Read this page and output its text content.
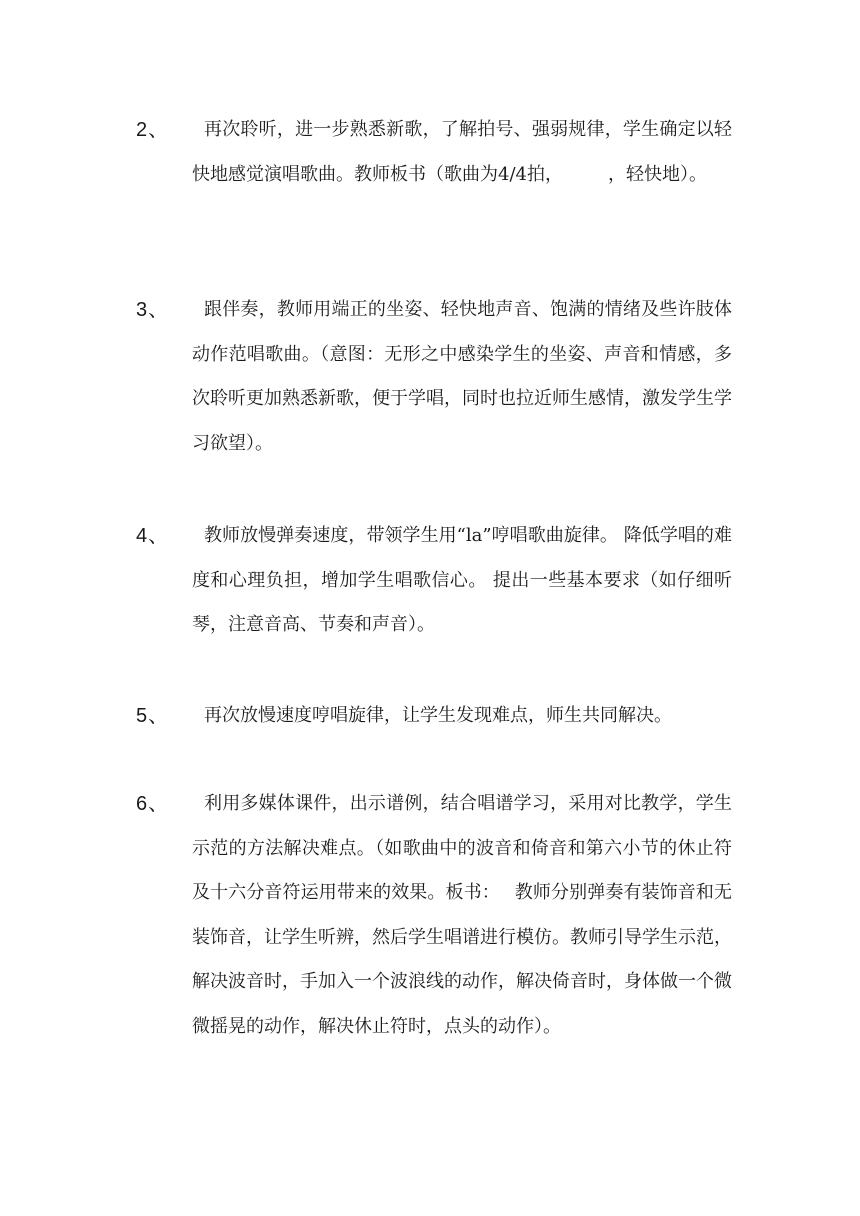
2、	再次聆听，进一步熟悉新歌，了解拍号、强弱规律，学生确定以轻快地感觉演唱歌曲。教师板书（歌曲为4/4拍，　　　，轻快地）。

3、	跟伴奏，教师用端正的坐姿、轻快地声音、饱满的情绪及些许肢体动作范唱歌曲。（意图：无形之中感染学生的坐姿、声音和情感，多次聆听更加熟悉新歌，便于学唱，同时也拉近师生感情，激发学生学习欲望）。

4、	教师放慢弹奏速度，带领学生用“la”哼唱歌曲旋律。 降低学唱的难度和心理负担，增加学生唱歌信心。 提出一些基本要求（如仔细听琴，注意音高、节奏和声音）。

5、	再次放慢速度哼唱旋律，让学生发现难点，师生共同解决。

6、	利用多媒体课件，出示谱例，结合唱谱学习，采用对比教学，学生示范的方法解决难点。（如歌曲中的波音和倚音和第六小节的休止符及十六分音符运用带来的效果。板书：　 教师分别弹奏有装饰音和无装饰音，让学生听辨，然后学生唱谱进行模仿。教师引导学生示范，解决波音时，手加入一个波浪线的动作，解决倚音时，身体做一个微微摇晃的动作，解决休止符时，点头的动作）。
